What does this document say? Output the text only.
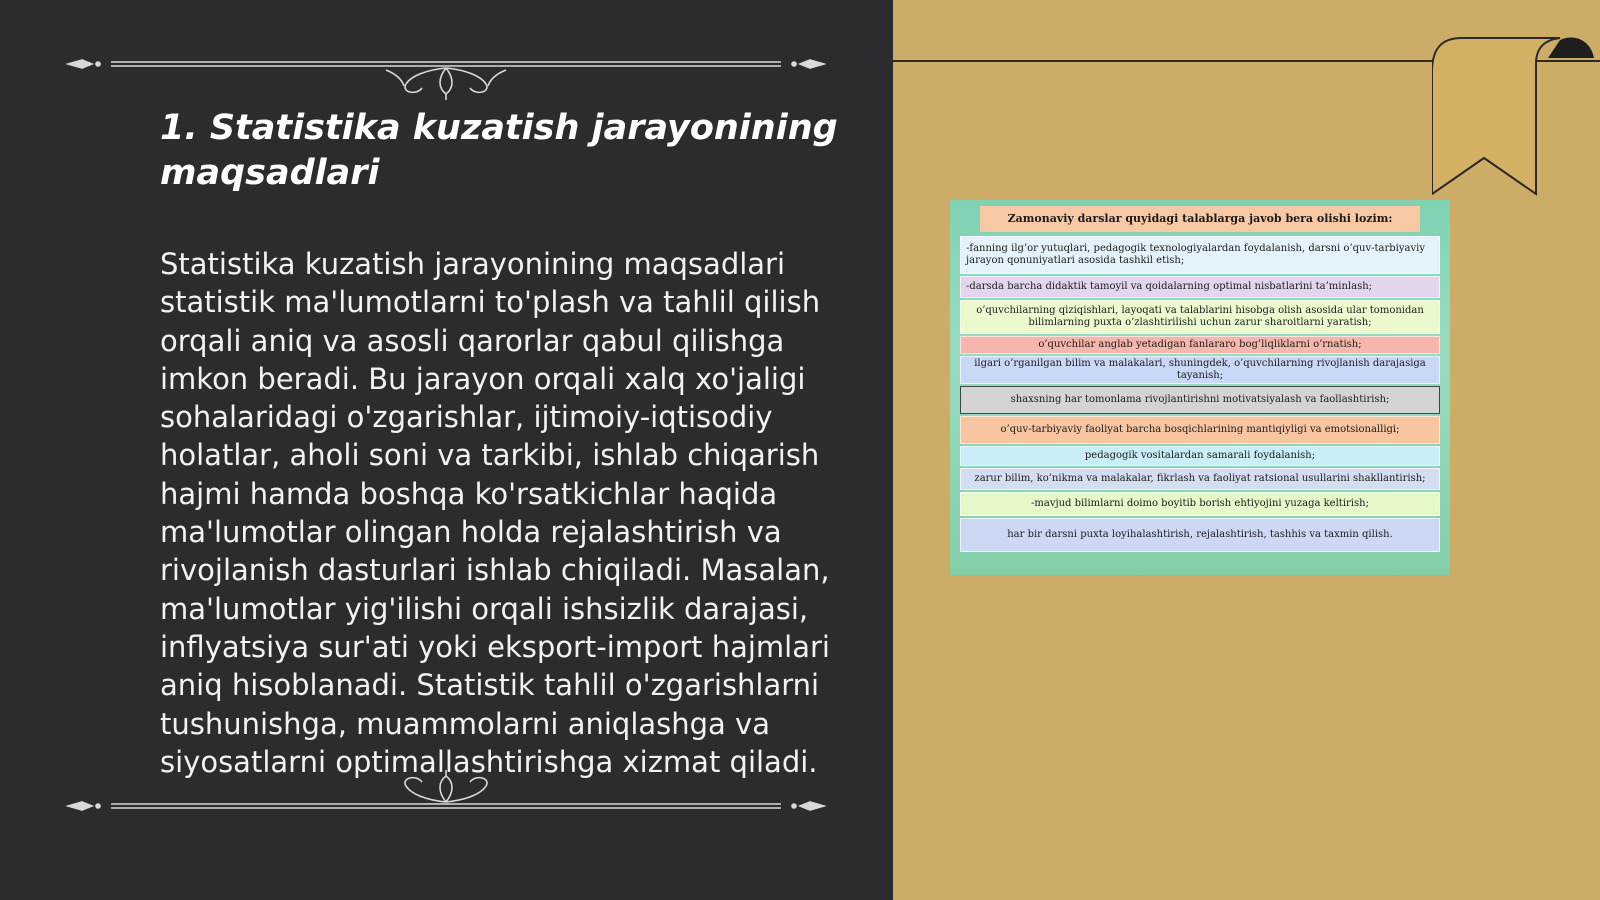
1. Statistika kuzatish jarayonining maqsadlari

Statistika kuzatish jarayonining maqsadlari statistik ma'lumotlarni to'plash va tahlil qilish orqali aniq va asosli qarorlar qabul qilishga imkon beradi. Bu jarayon orqali xalq xo'jaligi sohalaridagi o'zgarishlar, ijtimoiy-iqtisodiy holatlar, aholi soni va tarkibi, ishlab chiqarish hajmi hamda boshqa ko'rsatkichlar haqida ma'lumotlar olingan holda rejalashtirish va rivojlanish dasturlari ishlab chiqiladi. Masalan, ma'lumotlar yig'ilishi orqali ishsizlik darajasi, inflyatsiya sur'ati yoki eksport-import hajmlari aniq hisoblanadi. Statistik tahlil o'zgarishlarni tushunishga, muammolarni aniqlashga va siyosatlarni optimallashtirishga xizmat qiladi.

Zamonaviy darslar quyidagi talablarga javob bera olishi lozim:
-fanning ilg’or yutuqlari, pedagogik texnologiyalardan foydalanish, darsni o’quv-tarbiyaviy jarayon qonuniyatlari asosida tashkil etish;
-darsda barcha didaktik tamoyil va qoidalarning optimal nisbatlarini ta’minlash;
o’quvchilarning qiziqishlari, layoqati va talablarini hisobga olish asosida ular tomonidan bilimlarning puxta o’zlashtirilishi uchun zarur sharoitlarni yaratish;
o’quvchilar anglab yetadigan fanlararo bog’liqliklarni o’rnatish;
ilgari o’rganilgan bilim va malakalari, shuningdek, o’quvchilarning rivojlanish darajasiga tayanish;
shaxsning har tomonlama rivojlantirishni motivatsiyalash va faollashtirish;
o’quv-tarbiyaviy faoliyat barcha bosqichlarining mantiqiyligi va emotsionalligi;
pedagogik vositalardan samarali foydalanish;
zarur bilim, ko’nikma va malakalar, fikrlash va faoliyat ratsional usullarini shakllantirish;
-mavjud bilimlarni doimo boyitib borish ehtiyojini yuzaga keltirish;
har bir darsni puxta loyihalashtirish, rejalashtirish, tashhis va taxmin qilish.
